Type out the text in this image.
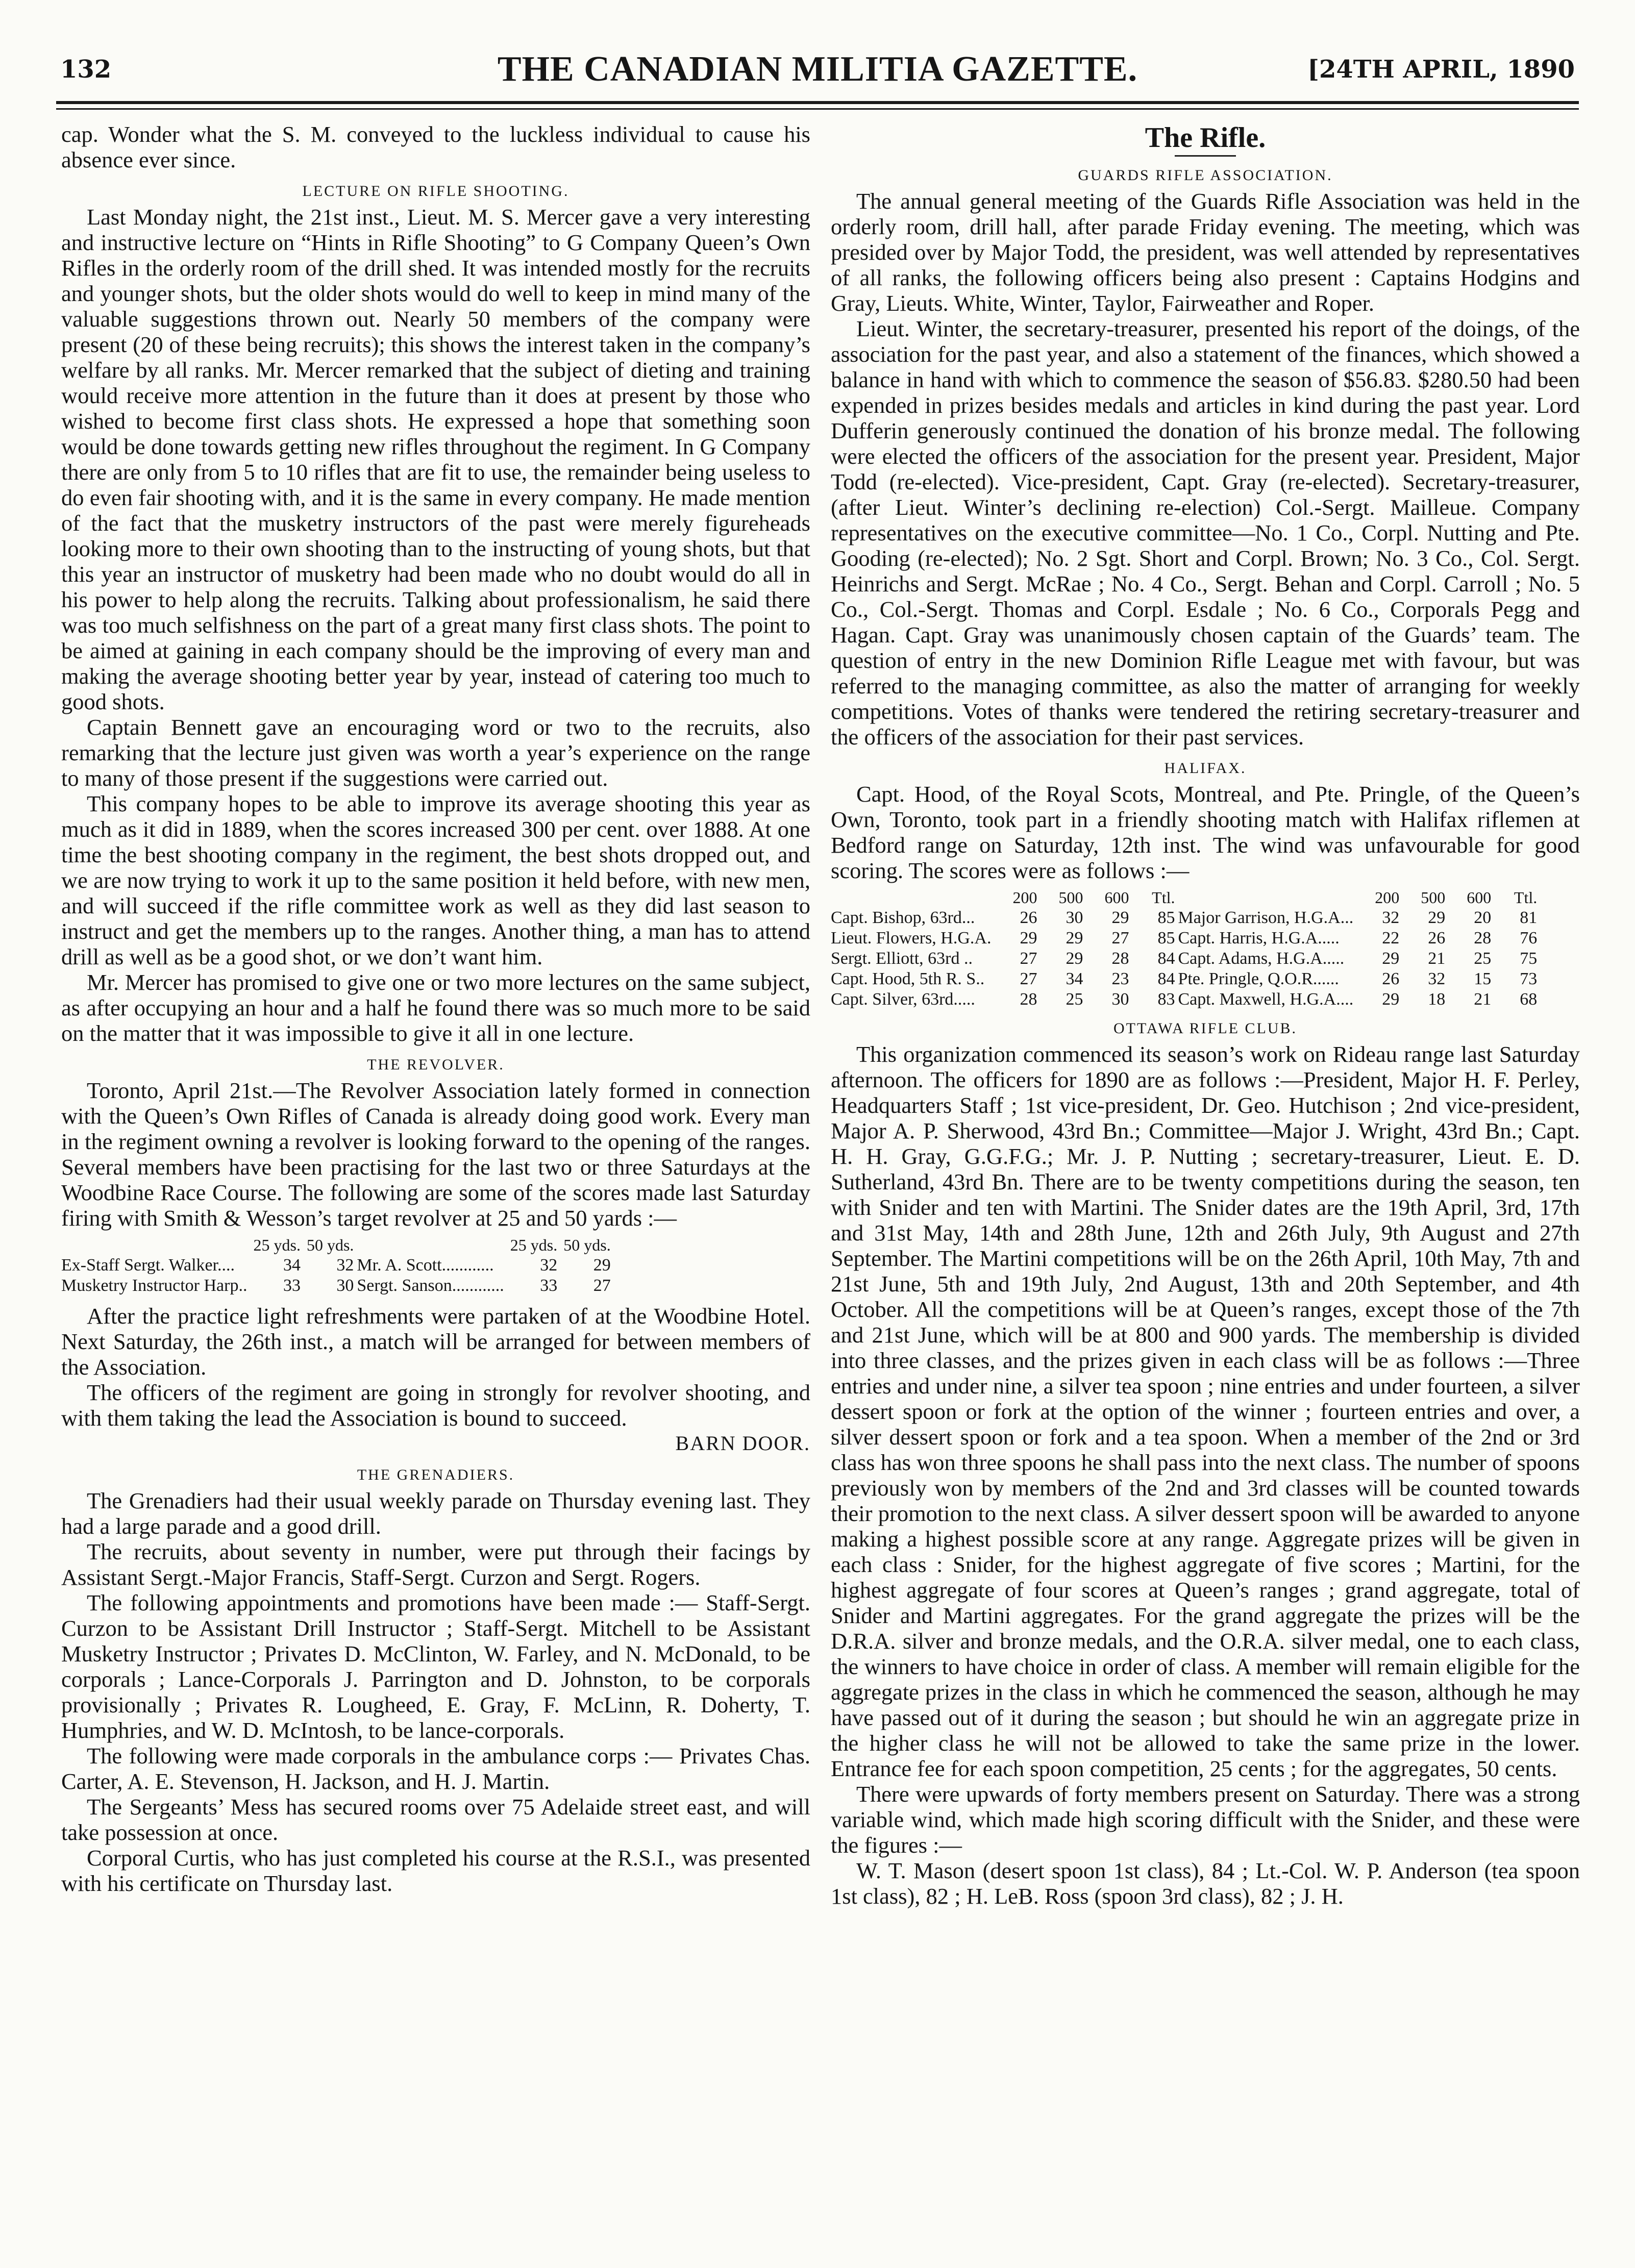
132	THE CANADIAN MILITIA GAZETTE.	[24TH APRIL, 1890

cap. Wonder what the S. M. conveyed to the luckless individual to cause his absence ever since.

LECTURE ON RIFLE SHOOTING.

Last Monday night, the 21st inst., Lieut. M. S. Mercer gave a very interesting and instructive lecture on “Hints in Rifle Shooting” to G Company Queen’s Own Rifles in the orderly room of the drill shed. It was intended mostly for the recruits and younger shots, but the older shots would do well to keep in mind many of the valuable suggestions thrown out. Nearly 50 members of the company were present (20 of these being recruits); this shows the interest taken in the company’s welfare by all ranks. Mr. Mercer remarked that the subject of dieting and training would receive more attention in the future than it does at present by those who wished to become first class shots. He expressed a hope that something soon would be done towards getting new rifles throughout the regiment. In G Company there are only from 5 to 10 rifles that are fit to use, the remainder being useless to do even fair shooting with, and it is the same in every company. He made mention of the fact that the musketry instructors of the past were merely figureheads looking more to their own shooting than to the instructing of young shots, but that this year an instructor of musketry had been made who no doubt would do all in his power to help along the recruits. Talking about professionalism, he said there was too much selfishness on the part of a great many first class shots. The point to be aimed at gaining in each company should be the improving of every man and making the average shooting better year by year, instead of catering too much to good shots.

Captain Bennett gave an encouraging word or two to the recruits, also remarking that the lecture just given was worth a year’s experience on the range to many of those present if the suggestions were carried out.

This company hopes to be able to improve its average shooting this year as much as it did in 1889, when the scores increased 300 per cent. over 1888. At one time the best shooting company in the regiment, the best shots dropped out, and we are now trying to work it up to the same position it held before, with new men, and will succeed if the rifle committee work as well as they did last season to instruct and get the members up to the ranges. Another thing, a man has to attend drill as well as be a good shot, or we don’t want him.

Mr. Mercer has promised to give one or two more lectures on the same subject, as after occupying an hour and a half he found there was so much more to be said on the matter that it was impossible to give it all in one lecture.

THE REVOLVER.

Toronto, April 21st.—The Revolver Association lately formed in connection with the Queen’s Own Rifles of Canada is already doing good work. Every man in the regiment owning a revolver is looking forward to the opening of the ranges. Several members have been practising for the last two or three Saturdays at the Woodbine Race Course. The following are some of the scores made last Saturday firing with Smith & Wesson’s target revolver at 25 and 50 yards :—

	25 yds.	50 yds.		25 yds.	50 yds.
Ex-Staff Sergt. Walker....	34	32	Mr. A. Scott............	32	29
Musketry Instructor Harp..	33	30	Sergt. Sanson............	33	27

After the practice light refreshments were partaken of at the Woodbine Hotel. Next Saturday, the 26th inst., a match will be arranged for between members of the Association.

The officers of the regiment are going in strongly for revolver shooting, and with them taking the lead the Association is bound to succeed.

BARN DOOR.
THE GRENADIERS.

The Grenadiers had their usual weekly parade on Thursday evening last. They had a large parade and a good drill.

The recruits, about seventy in number, were put through their facings by Assistant Sergt.-Major Francis, Staff-Sergt. Curzon and Sergt. Rogers.

The following appointments and promotions have been made :— Staff-Sergt. Curzon to be Assistant Drill Instructor ; Staff-Sergt. Mitchell to be Assistant Musketry Instructor ; Privates D. McClinton, W. Farley, and N. McDonald, to be corporals ; Lance-Corporals J. Parrington and D. Johnston, to be corporals provisionally ; Privates R. Lougheed, E. Gray, F. McLinn, R. Doherty, T. Humphries, and W. D. McIntosh, to be lance-corporals.

The following were made corporals in the ambulance corps :— Privates Chas. Carter, A. E. Stevenson, H. Jackson, and H. J. Martin.

The Sergeants’ Mess has secured rooms over 75 Adelaide street east, and will take possession at once.

Corporal Curtis, who has just completed his course at the R.S.I., was presented with his certificate on Thursday last.

The Rifle.
GUARDS RIFLE ASSOCIATION.

The annual general meeting of the Guards Rifle Association was held in the orderly room, drill hall, after parade Friday evening. The meeting, which was presided over by Major Todd, the president, was well attended by representatives of all ranks, the following officers being also present : Captains Hodgins and Gray, Lieuts. White, Winter, Taylor, Fairweather and Roper.

Lieut. Winter, the secretary-treasurer, presented his report of the doings, of the association for the past year, and also a statement of the finances, which showed a balance in hand with which to commence the season of $56.83. $280.50 had been expended in prizes besides medals and articles in kind during the past year. Lord Dufferin generously continued the donation of his bronze medal. The following were elected the officers of the association for the present year. President, Major Todd (re-elected). Vice-president, Capt. Gray (re-elected). Secretary-treasurer, (after Lieut. Winter’s declining re-election) Col.-Sergt. Mailleue. Company representatives on the executive committee—No. 1 Co., Corpl. Nutting and Pte. Gooding (re-elected); No. 2 Sgt. Short and Corpl. Brown; No. 3 Co., Col. Sergt. Heinrichs and Sergt. McRae ; No. 4 Co., Sergt. Behan and Corpl. Carroll ; No. 5 Co., Col.-Sergt. Thomas and Corpl. Esdale ; No. 6 Co., Corporals Pegg and Hagan. Capt. Gray was unanimously chosen captain of the Guards’ team. The question of entry in the new Dominion Rifle League met with favour, but was referred to the managing committee, as also the matter of arranging for weekly competitions. Votes of thanks were tendered the retiring secretary-treasurer and the officers of the association for their past services.

HALIFAX.

Capt. Hood, of the Royal Scots, Montreal, and Pte. Pringle, of the Queen’s Own, Toronto, took part in a friendly shooting match with Halifax riflemen at Bedford range on Saturday, 12th inst. The wind was unfavourable for good scoring. The scores were as follows :—

	200	500	600	Ttl.		200	500	600	Ttl.
Capt. Bishop, 63rd...	26	30	29	85	Major Garrison, H.G.A...	32	29	20	81
Lieut. Flowers, H.G.A.	29	29	27	85	Capt. Harris, H.G.A.....	22	26	28	76
Sergt. Elliott, 63rd ..	27	29	28	84	Capt. Adams, H.G.A.....	29	21	25	75
Capt. Hood, 5th R. S..	27	34	23	84	Pte. Pringle, Q.O.R......	26	32	15	73
Capt. Silver, 63rd.....	28	25	30	83	Capt. Maxwell, H.G.A....	29	18	21	68
OTTAWA RIFLE CLUB.

This organization commenced its season’s work on Rideau range last Saturday afternoon. The officers for 1890 are as follows :—President, Major H. F. Perley, Headquarters Staff ; 1st vice-president, Dr. Geo. Hutchison ; 2nd vice-president, Major A. P. Sherwood, 43rd Bn.; Committee—Major J. Wright, 43rd Bn.; Capt. H. H. Gray, G.G.F.G.; Mr. J. P. Nutting ; secretary-treasurer, Lieut. E. D. Sutherland, 43rd Bn. There are to be twenty competitions during the season, ten with Snider and ten with Martini. The Snider dates are the 19th April, 3rd, 17th and 31st May, 14th and 28th June, 12th and 26th July, 9th August and 27th September. The Martini competitions will be on the 26th April, 10th May, 7th and 21st June, 5th and 19th July, 2nd August, 13th and 20th September, and 4th October. All the competitions will be at Queen’s ranges, except those of the 7th and 21st June, which will be at 800 and 900 yards. The membership is divided into three classes, and the prizes given in each class will be as follows :—Three entries and under nine, a silver tea spoon ; nine entries and under fourteen, a silver dessert spoon or fork at the option of the winner ; fourteen entries and over, a silver dessert spoon or fork and a tea spoon. When a member of the 2nd or 3rd class has won three spoons he shall pass into the next class. The number of spoons previously won by members of the 2nd and 3rd classes will be counted towards their promotion to the next class. A silver dessert spoon will be awarded to anyone making a highest possible score at any range. Aggregate prizes will be given in each class : Snider, for the highest aggregate of five scores ; Martini, for the highest aggregate of four scores at Queen’s ranges ; grand aggregate, total of Snider and Martini aggregates. For the grand aggregate the prizes will be the D.R.A. silver and bronze medals, and the O.R.A. silver medal, one to each class, the winners to have choice in order of class. A member will remain eligible for the aggregate prizes in the class in which he commenced the season, although he may have passed out of it during the season ; but should he win an aggregate prize in the higher class he will not be allowed to take the same prize in the lower. Entrance fee for each spoon competition, 25 cents ; for the aggregates, 50 cents.

There were upwards of forty members present on Saturday. There was a strong variable wind, which made high scoring difficult with the Snider, and these were the figures :—

W. T. Mason (desert spoon 1st class), 84 ; Lt.-Col. W. P. Anderson (tea spoon 1st class), 82 ; H. LeB. Ross (spoon 3rd class), 82 ; J. H.
